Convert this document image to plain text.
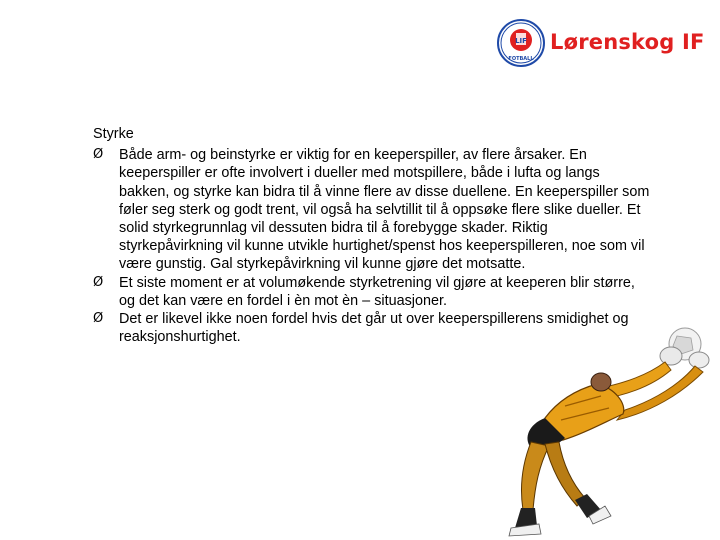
LIF
FOTBALL
Lørenskog IF
Styrke
Ø	Både arm- og beinstyrke er viktig for en keeperspiller, av flere årsaker. En keeperspiller er ofte involvert i dueller med motspillere, både i lufta og langs bakken, og styrke kan bidra til å vinne flere av disse duellene. En keeperspiller som føler seg sterk og godt trent, vil også ha selvtillit til å oppsøke flere slike dueller. Et solid styrkegrunnlag vil dessuten bidra til å forebygge skader. Riktig styrkepåvirkning vil kunne utvikle hurtighet/spenst hos keeperspilleren, noe som vil være gunstig. Gal styrkepåvirkning vil kunne gjøre det motsatte.
Ø	Et siste moment er at volumøkende styrketrening vil gjøre at keeperen blir større, og det kan være en fordel i èn mot èn – situasjoner.
Ø	Det er likevel ikke noen fordel hvis det går ut over keeperspillerens smidighet og reaksjonshurtighet.
